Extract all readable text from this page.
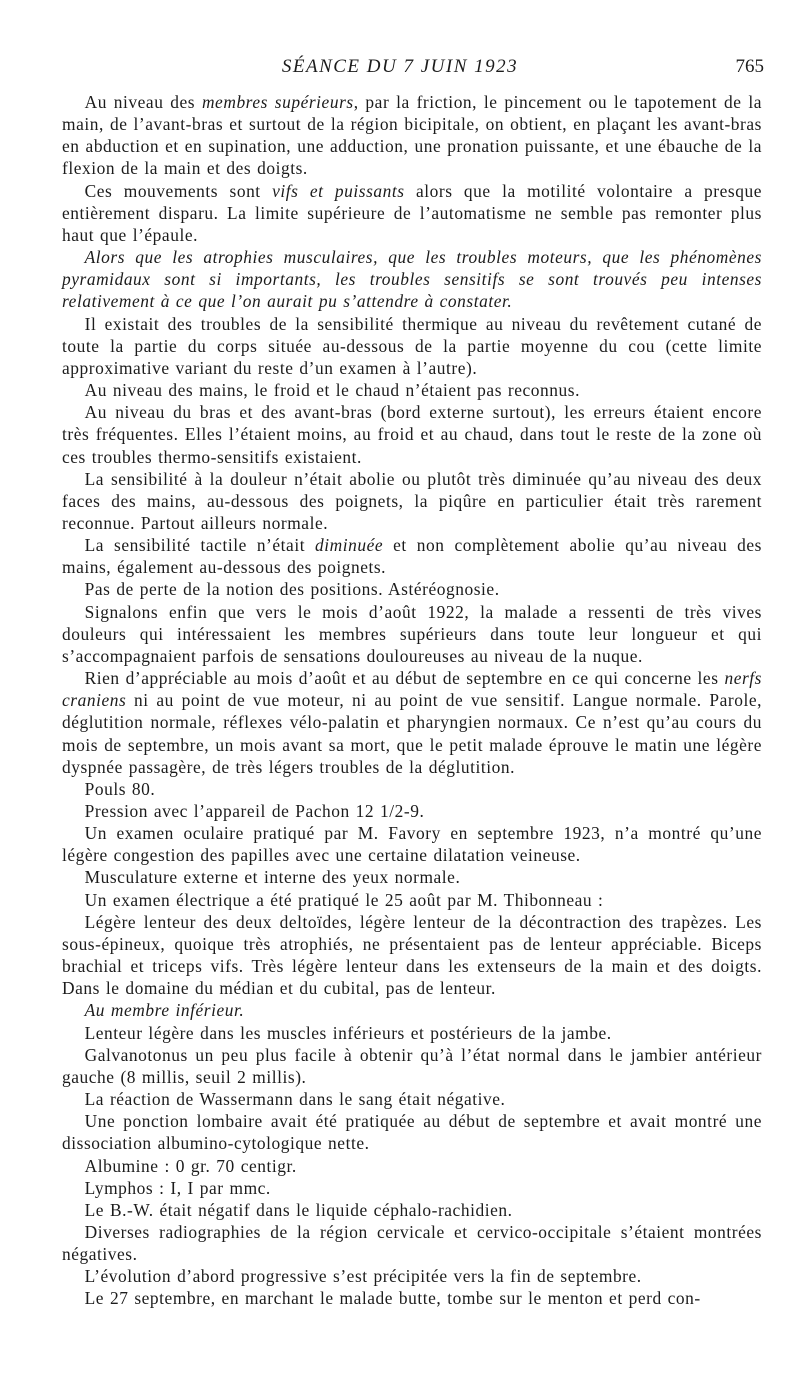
SÉANCE DU 7 JUIN 1923	765

Au niveau des membres supérieurs, par la friction, le pincement ou le tapotement de la main, de l’avant-bras et surtout de la région bicipitale, on obtient, en plaçant les avant-bras en abduction et en supination, une adduction, une pronation puissante, et une ébauche de la flexion de la main et des doigts.

Ces mouvements sont vifs et puissants alors que la motilité volontaire a presque entièrement disparu. La limite supérieure de l’automatisme ne semble pas remonter plus haut que l’épaule.

Alors que les atrophies musculaires, que les troubles moteurs, que les phénomènes pyramidaux sont si importants, les troubles sensitifs se sont trouvés peu intenses relativement à ce que l’on aurait pu s’attendre à constater.

Il existait des troubles de la sensibilité thermique au niveau du revêtement cutané de toute la partie du corps située au-dessous de la partie moyenne du cou (cette limite approximative variant du reste d’un examen à l’autre).

Au niveau des mains, le froid et le chaud n’étaient pas reconnus.

Au niveau du bras et des avant-bras (bord externe surtout), les erreurs étaient encore très fréquentes. Elles l’étaient moins, au froid et au chaud, dans tout le reste de la zone où ces troubles thermo-sensitifs existaient.

La sensibilité à la douleur n’était abolie ou plutôt très diminuée qu’au niveau des deux faces des mains, au-dessous des poignets, la piqûre en particulier était très rarement reconnue. Partout ailleurs normale.

La sensibilité tactile n’était diminuée et non complètement abolie qu’au niveau des mains, également au-dessous des poignets.

Pas de perte de la notion des positions. Astéréognosie.

Signalons enfin que vers le mois d’août 1922, la malade a ressenti de très vives douleurs qui intéressaient les membres supérieurs dans toute leur longueur et qui s’accompagnaient parfois de sensations douloureuses au niveau de la nuque.

Rien d’appréciable au mois d’août et au début de septembre en ce qui concerne les nerfs craniens ni au point de vue moteur, ni au point de vue sensitif. Langue normale. Parole, déglutition normale, réflexes vélo-palatin et pharyngien normaux. Ce n’est qu’au cours du mois de septembre, un mois avant sa mort, que le petit malade éprouve le matin une légère dyspnée passagère, de très légers troubles de la déglutition.

Pouls 80.

Pression avec l’appareil de Pachon 12 1/2-9.

Un examen oculaire pratiqué par M. Favory en septembre 1923, n’a montré qu’une légère congestion des papilles avec une certaine dilatation veineuse.

Musculature externe et interne des yeux normale.

Un examen électrique a été pratiqué le 25 août par M. Thibonneau :

Légère lenteur des deux deltoïdes, légère lenteur de la décontraction des trapèzes. Les sous-épineux, quoique très atrophiés, ne présentaient pas de lenteur appréciable. Biceps brachial et triceps vifs. Très légère lenteur dans les extenseurs de la main et des doigts. Dans le domaine du médian et du cubital, pas de lenteur.

Au membre inférieur.

Lenteur légère dans les muscles inférieurs et postérieurs de la jambe.

Galvanotonus un peu plus facile à obtenir qu’à l’état normal dans le jambier antérieur gauche (8 millis, seuil 2 millis).

La réaction de Wassermann dans le sang était négative.

Une ponction lombaire avait été pratiquée au début de septembre et avait montré une dissociation albumino-cytologique nette.

Albumine : 0 gr. 70 centigr.

Lymphos : I, I par mmc.

Le B.-W. était négatif dans le liquide céphalo-rachidien.

Diverses radiographies de la région cervicale et cervico-occipitale s’étaient montrées négatives.

L’évolution d’abord progressive s’est précipitée vers la fin de septembre.

Le 27 septembre, en marchant le malade butte, tombe sur le menton et perd con-
